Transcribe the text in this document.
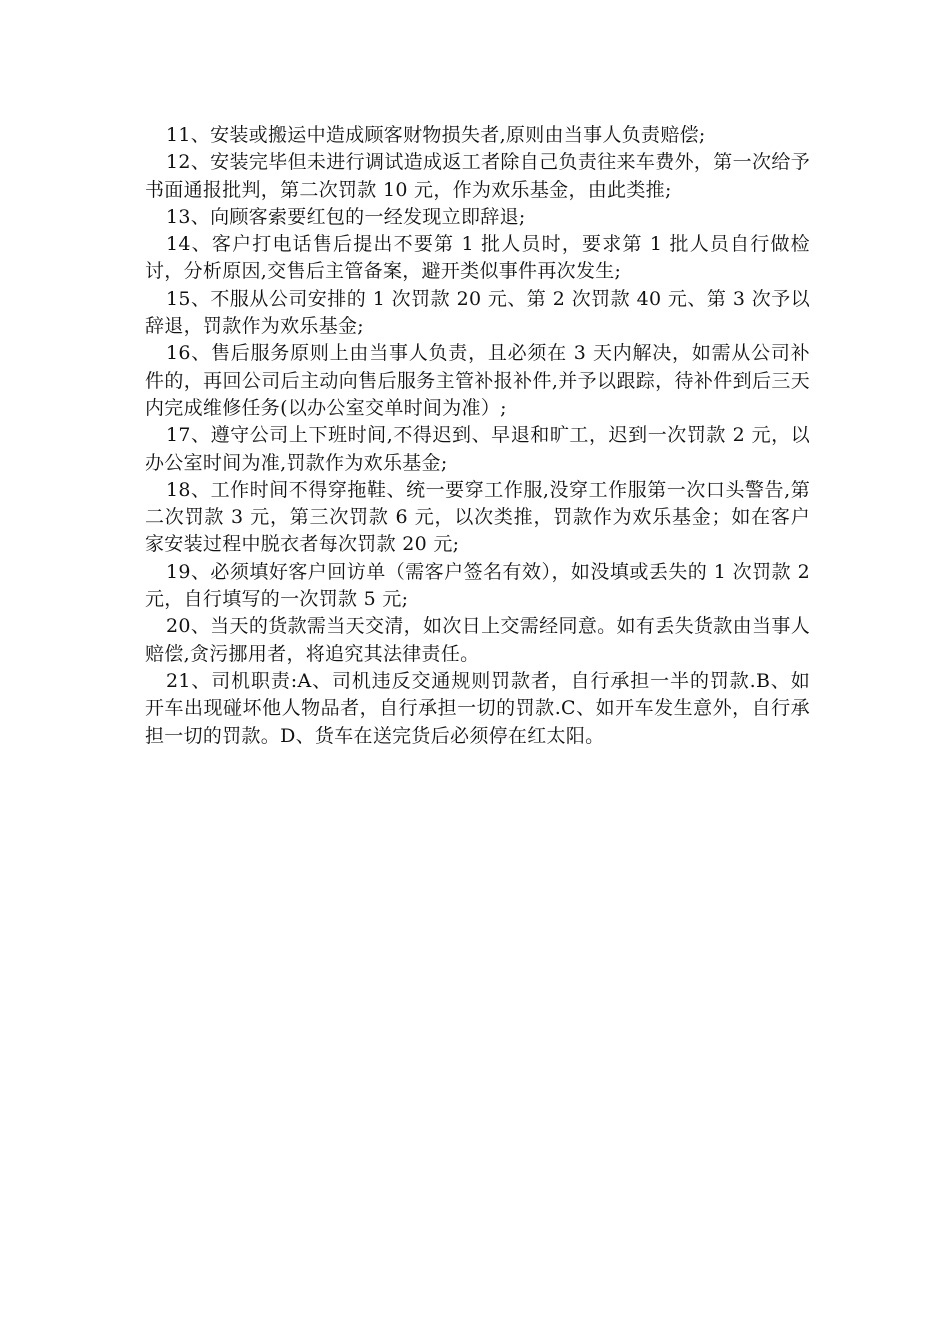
11、安装或搬运中造成顾客财物损失者,原则由当事人负责赔偿;

12、安装完毕但未进行调试造成返工者除自己负责往来车费外，第一次给予书面通报批判，第二次罚款 10 元，作为欢乐基金，由此类推;

13、向顾客索要红包的一经发现立即辞退;

14、客户打电话售后提出不要第 1 批人员时，要求第 1 批人员自行做检讨，分析原因,交售后主管备案，避开类似事件再次发生;

15、不服从公司安排的 1 次罚款 20 元、第 2 次罚款 40 元、第 3 次予以辞退，罚款作为欢乐基金;

16、售后服务原则上由当事人负责，且必须在 3 天内解决，如需从公司补件的，再回公司后主动向售后服务主管补报补件,并予以跟踪，待补件到后三天内完成维修任务(以办公室交单时间为准）;

17、遵守公司上下班时间,不得迟到、早退和旷工，迟到一次罚款 2 元，以办公室时间为准,罚款作为欢乐基金;

18、工作时间不得穿拖鞋、统一要穿工作服,没穿工作服第一次口头警告,第二次罚款 3 元，第三次罚款 6 元，以次类推，罚款作为欢乐基金；如在客户家安装过程中脱衣者每次罚款 20 元;

19、必须填好客户回访单（需客户签名有效），如没填或丢失的 1 次罚款 2 元，自行填写的一次罚款 5 元;

20、当天的货款需当天交清，如次日上交需经同意。如有丢失货款由当事人赔偿,贪污挪用者，将追究其法律责任。

21、司机职责:A、司机违反交通规则罚款者，自行承担一半的罚款.B、如开车出现碰坏他人物品者，自行承担一切的罚款.C、如开车发生意外，自行承担一切的罚款。D、货车在送完货后必须停在红太阳。
